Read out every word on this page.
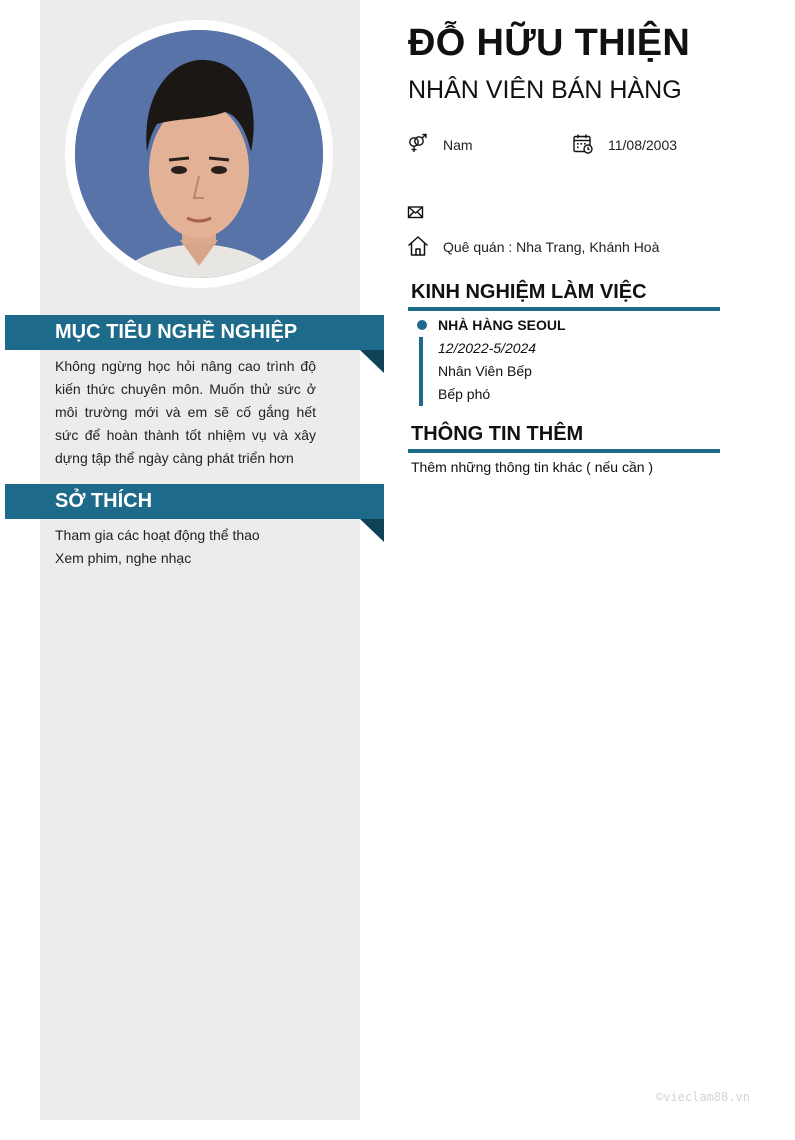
MỤC TIÊU NGHỀ NGHIỆP
Không ngừng học hỏi nâng cao trình độ kiến thức chuyên môn. Muốn thử sức ở môi trường mới và em sẽ cố gắng hết sức để hoàn thành tốt nhiệm vụ và xây dựng tập thể ngày càng phát triển hơn
SỞ THÍCH
Tham gia các hoạt động thể thao
Xem phim, nghe nhạc
ĐỖ HỮU THIỆN
NHÂN VIÊN BÁN HÀNG
Nam	11/08/2003
Quê quán : Nha Trang, Khánh Hoà
KINH NGHIỆM LÀM VIỆC
NHÀ HÀNG SEOUL
12/2022-5/2024
Nhân Viên Bếp
Bếp phó
THÔNG TIN THÊM
Thêm những thông tin khác ( nếu cần )
©vieclam88.vn
